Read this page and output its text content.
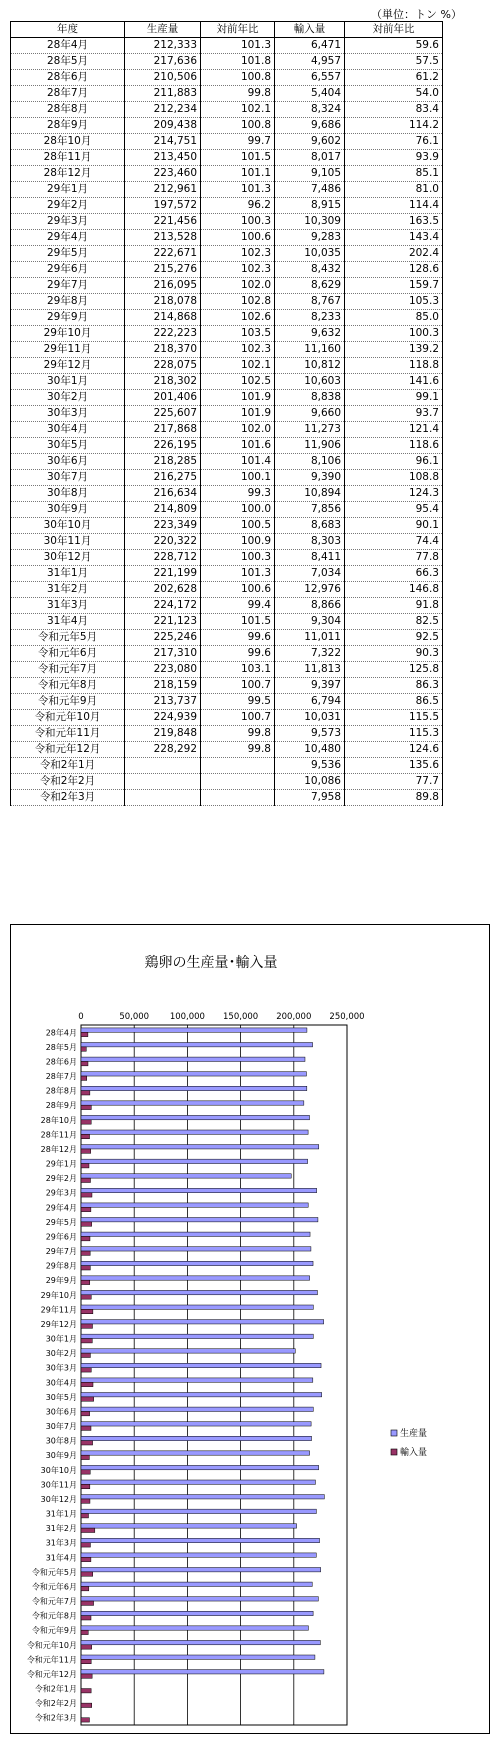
（単位：トン %）
年度	生産量	対前年比	輸入量	対前年比
28年4月	212,333	101.3	6,471	59.6
28年5月	217,636	101.8	4,957	57.5
28年6月	210,506	100.8	6,557	61.2
28年7月	211,883	99.8	5,404	54.0
28年8月	212,234	102.1	8,324	83.4
28年9月	209,438	100.8	9,686	114.2
28年10月	214,751	99.7	9,602	76.1
28年11月	213,450	101.5	8,017	93.9
28年12月	223,460	101.1	9,105	85.1
29年1月	212,961	101.3	7,486	81.0
29年2月	197,572	96.2	8,915	114.4
29年3月	221,456	100.3	10,309	163.5
29年4月	213,528	100.6	9,283	143.4
29年5月	222,671	102.3	10,035	202.4
29年6月	215,276	102.3	8,432	128.6
29年7月	216,095	102.0	8,629	159.7
29年8月	218,078	102.8	8,767	105.3
29年9月	214,868	102.6	8,233	85.0
29年10月	222,223	103.5	9,632	100.3
29年11月	218,370	102.3	11,160	139.2
29年12月	228,075	102.1	10,812	118.8
30年1月	218,302	102.5	10,603	141.6
30年2月	201,406	101.9	8,838	99.1
30年3月	225,607	101.9	9,660	93.7
30年4月	217,868	102.0	11,273	121.4
30年5月	226,195	101.6	11,906	118.6
30年6月	218,285	101.4	8,106	96.1
30年7月	216,275	100.1	9,390	108.8
30年8月	216,634	99.3	10,894	124.3
30年9月	214,809	100.0	7,856	95.4
30年10月	223,349	100.5	8,683	90.1
30年11月	220,322	100.9	8,303	74.4
30年12月	228,712	100.3	8,411	77.8
31年1月	221,199	101.3	7,034	66.3
31年2月	202,628	100.6	12,976	146.8
31年3月	224,172	99.4	8,866	91.8
31年4月	221,123	101.5	9,304	82.5
令和元年5月	225,246	99.6	11,011	92.5
令和元年6月	217,310	99.6	7,322	90.3
令和元年7月	223,080	103.1	11,813	125.8
令和元年8月	218,159	100.7	9,397	86.3
令和元年9月	213,737	99.5	6,794	86.5
令和元年10月	224,939	100.7	10,031	115.5
令和元年11月	219,848	99.8	9,573	115.3
令和元年12月	228,292	99.8	10,480	124.6
令和2年1月			9,536	135.6
令和2年2月			10,086	77.7
令和2年3月			7,958	89.8
鶏卵の生産量･輸入量
0	50,000 100,000 150,000 200,000 250,000
28年4月
28年5月
28年6月
28年7月
28年8月
28年9月
28年10月
28年11月
28年12月
29年1月
29年2月
29年3月
29年4月
29年5月
29年6月
29年7月
29年8月
29年9月
29年10月
29年11月
29年12月
30年1月
30年2月
30年3月
30年4月
30年5月
30年6月
30年7月
30年8月
30年9月
30年10月
30年11月
30年12月
31年1月
31年2月
31年3月
31年4月
令和元年5月
令和元年6月
令和元年7月
令和元年8月
令和元年9月
令和元年10月
令和元年11月
令和元年12月
令和2年1月
令和2年2月
令和2年3月
生産量
輸入量
